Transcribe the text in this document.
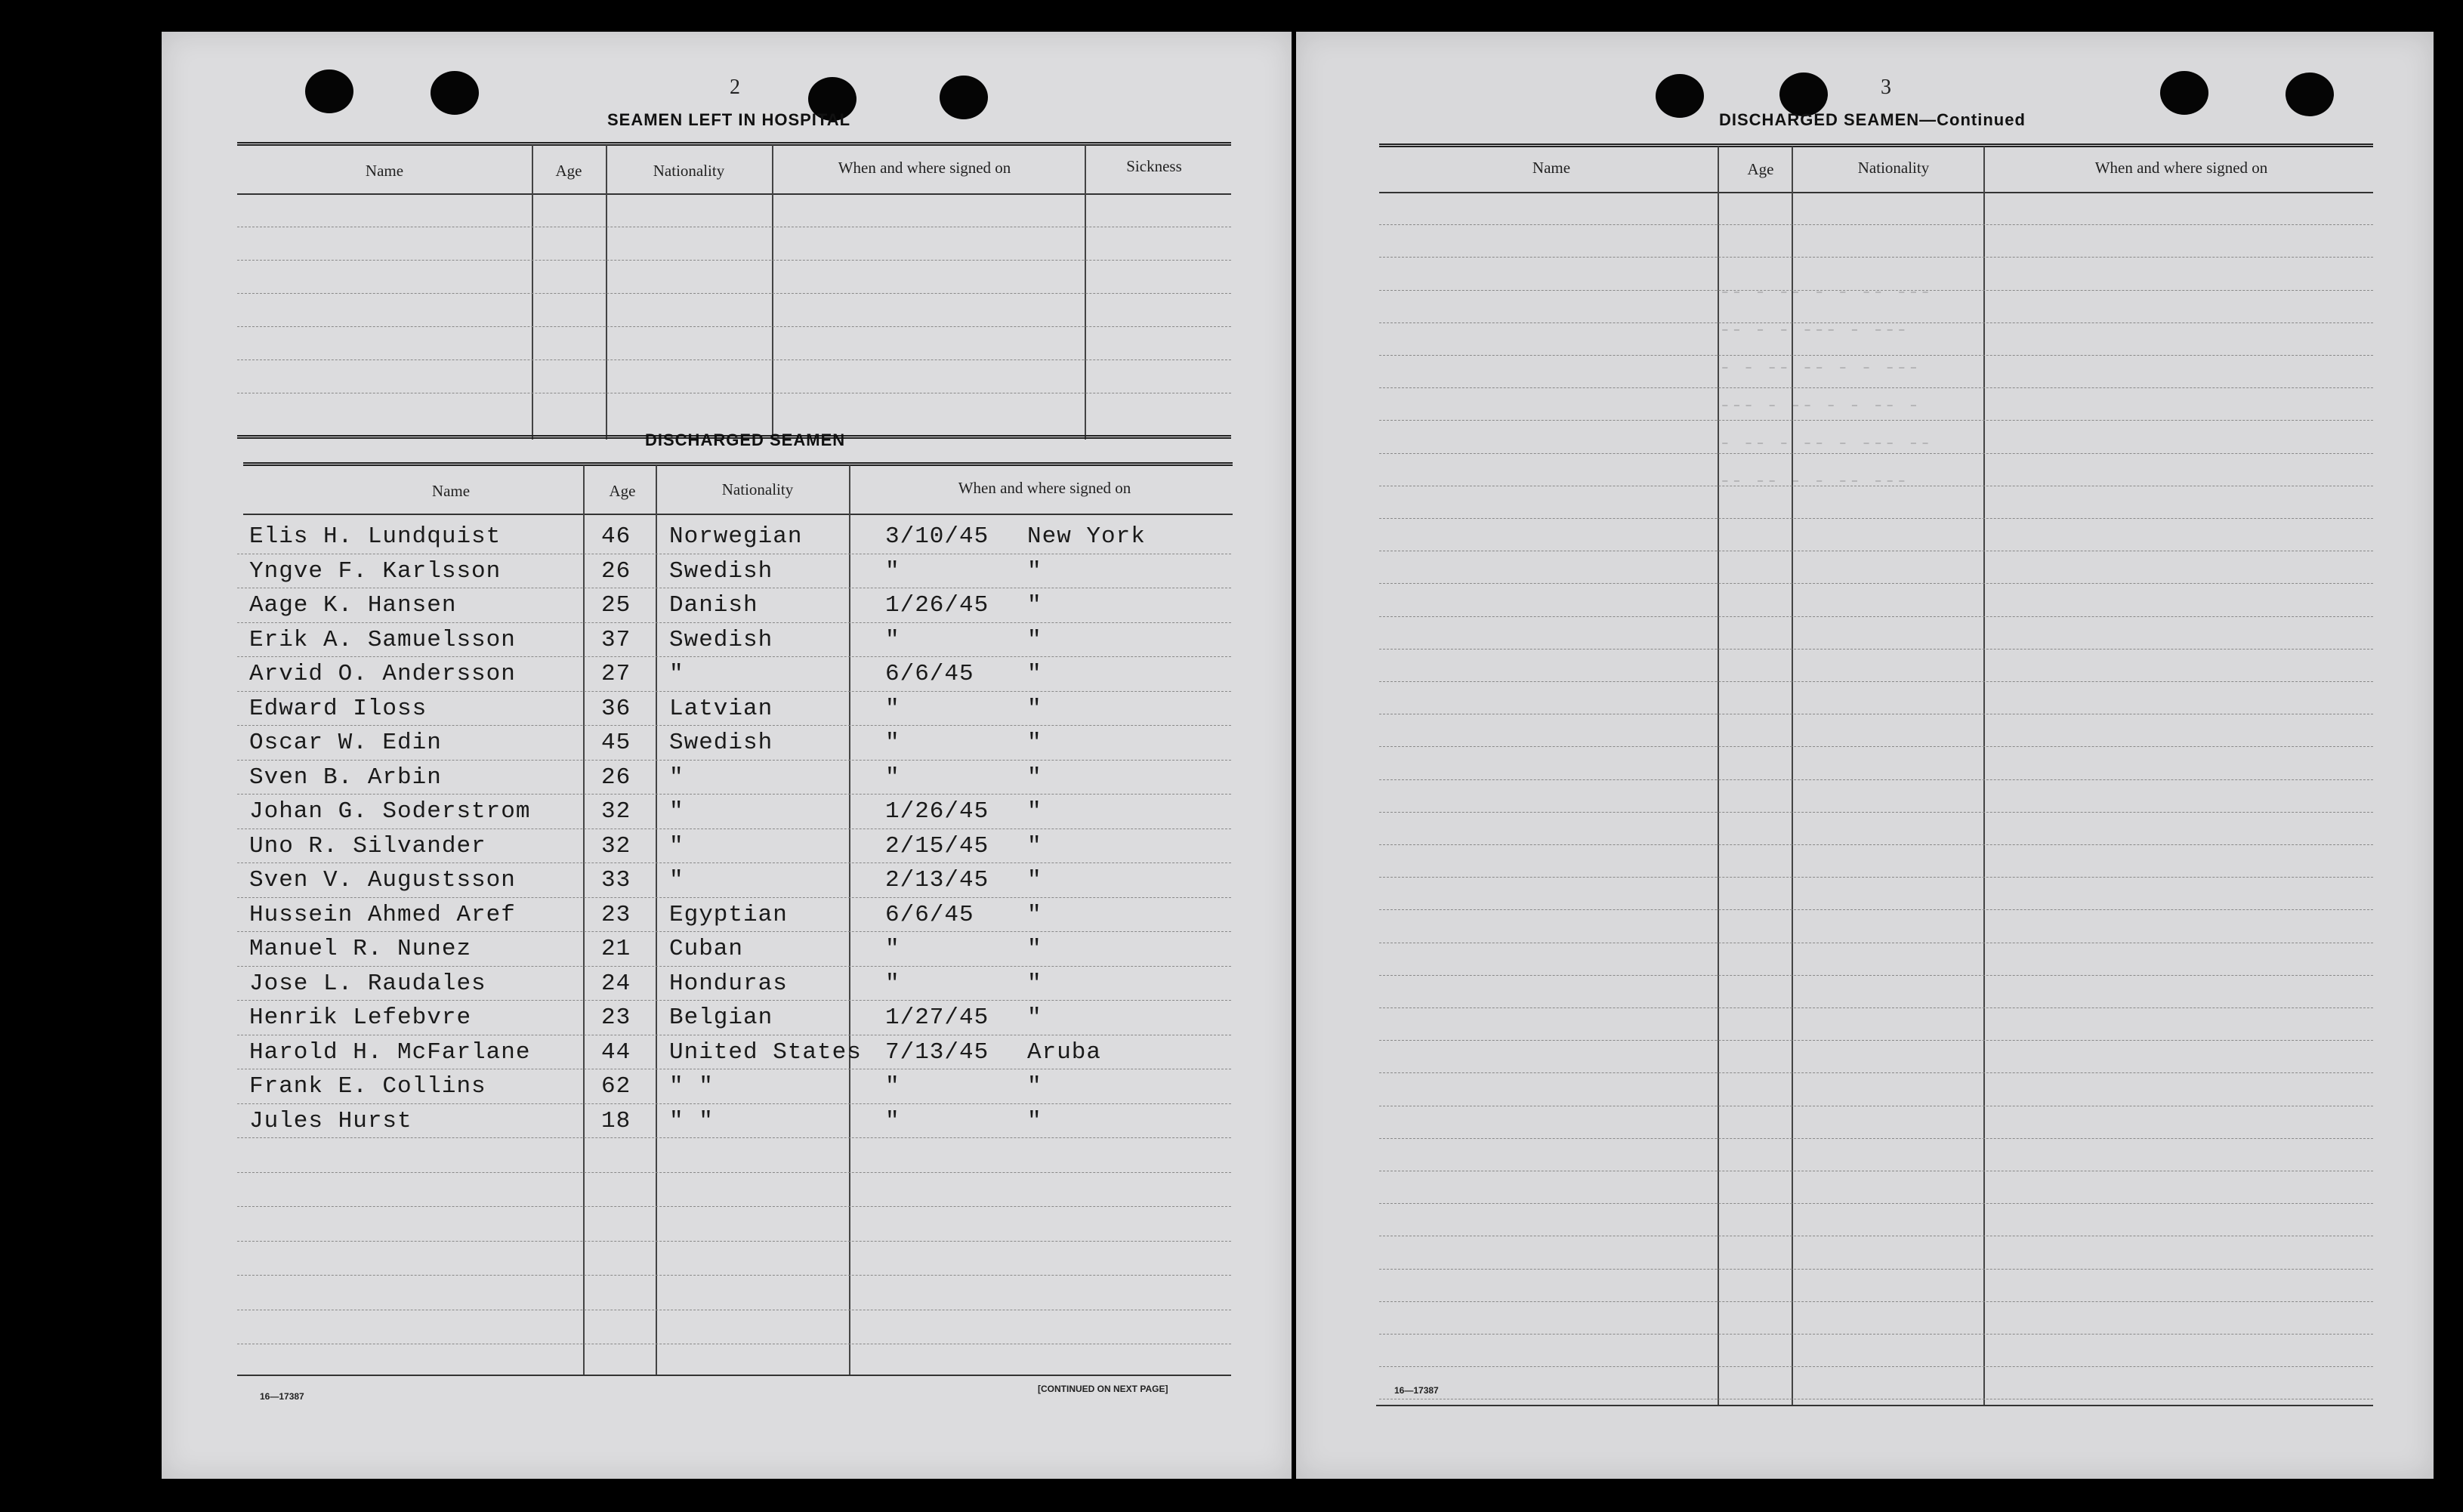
2
SEAMEN LEFT IN HOSPITAL
Name	Age	Nationality	When and where signed on	Sickness
DISCHARGED SEAMEN
Name	Age	Nationality	When and where signed on
Elis H. Lundquist	46 Norwegian	3/10/45 New York
Yngve F. Karlsson	26 Swedish	"	"
Aage K. Hansen	25 Danish	1/26/45 "
Erik A. Samuelsson	37 Swedish	"	"
Arvid O. Andersson	27 "	6/6/45 "
Edward Iloss	36 Latvian	"	"
Oscar W. Edin	45 Swedish	"	"
Sven B. Arbin	26 "	"	"
Johan G. Soderstrom	32 "	1/26/45 "
Uno R. Silvander	32 "	2/15/45 "
Sven V. Augustsson	33 "	2/13/45 "
Hussein Ahmed Aref	23 Egyptian	6/6/45 "
Manuel R. Nunez	21 Cuban	"	"
Jose L. Raudales	24 Honduras	"	"
Henrik Lefebvre	23 Belgian	1/27/45 "
Harold H. McFarlane	44 United States 7/13/45 Aruba
Frank E. Collins	62 " "	"	"
Jules Hurst	18 " "	"	"
16—17387
[CONTINUED ON NEXT PAGE]
3
DISCHARGED SEAMEN—Continued
-- - -- - - -- ---
-- - - --- - ---
- - -- -- - - ---
--- - -- - - -- -
- -- - -- - --- --
-- -- - - -- ---
Name	Age	Nationality	When and where signed on
16—17387
